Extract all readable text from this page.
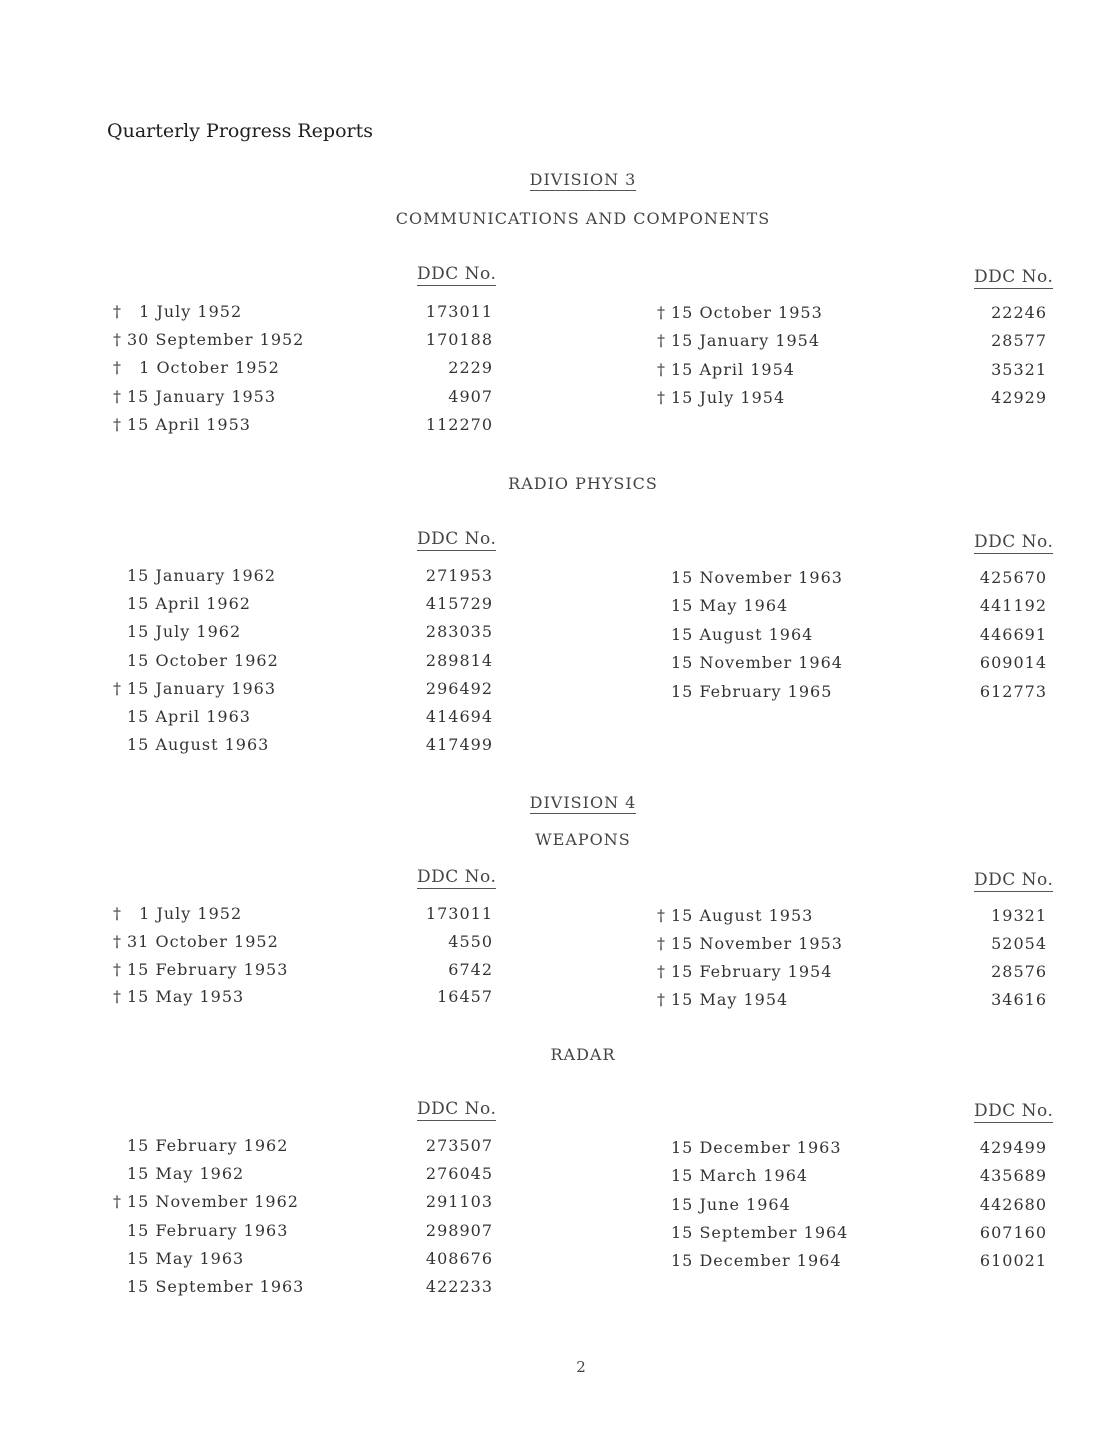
Quarterly Progress Reports
DIVISION 3
COMMUNICATIONS AND COMPONENTS
DDC No.	DDC No.
† 1 July 1952	173011
† 30 September 1952	170188
† 1 October 1952	2229
† 15 January 1953	4907
† 15 April 1953	112270
† 15 October 1953	22246
† 15 January 1954	28577
† 15 April 1954	35321
† 15 July 1954	42929
RADIO PHYSICS
DDC No.	DDC No.
15 January 1962	271953
15 April 1962	415729
15 July 1962	283035
15 October 1962	289814
† 15 January 1963	296492
15 April 1963	414694
15 August 1963	417499
15 November 1963	425670
15 May 1964	441192
15 August 1964	446691
15 November 1964	609014
15 February 1965	612773
DIVISION 4
WEAPONS
DDC No.	DDC No.
† 1 July 1952	173011
† 31 October 1952	4550
† 15 February 1953	6742
† 15 May 1953	16457
† 15 August 1953	19321
† 15 November 1953	52054
† 15 February 1954	28576
† 15 May 1954	34616
RADAR
DDC No.	DDC No.
15 February 1962	273507
15 May 1962	276045
† 15 November 1962	291103
15 February 1963	298907
15 May 1963	408676
15 September 1963	422233
15 December 1963	429499
15 March 1964	435689
15 June 1964	442680
15 September 1964	607160
15 December 1964	610021
2
